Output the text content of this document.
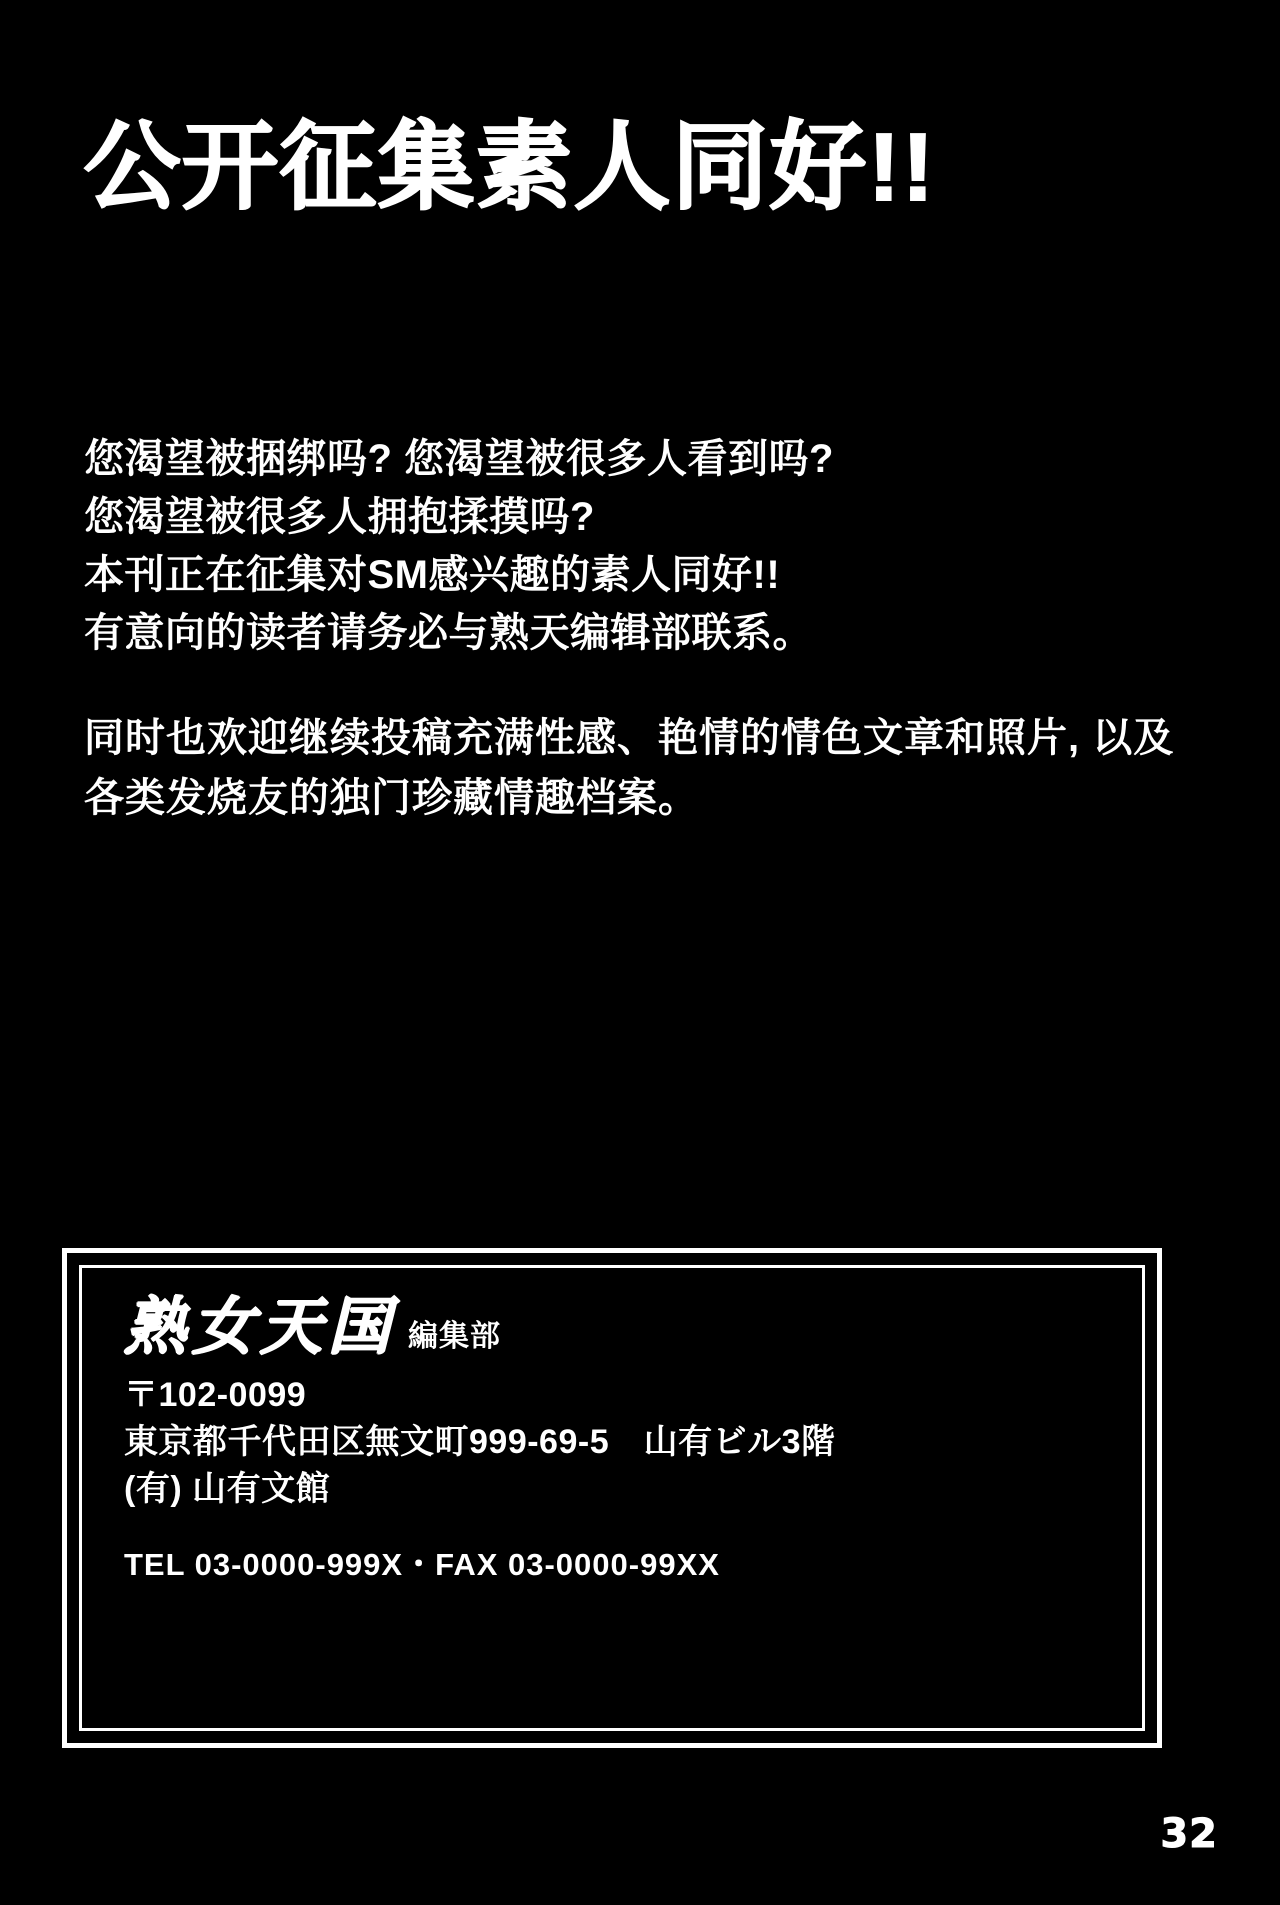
公开征集素人同好!!

您渴望被捆绑吗? 您渴望被很多人看到吗?
您渴望被很多人拥抱揉摸吗?
本刊正在征集对SM感兴趣的素人同好!!
有意向的读者请务必与熟天编辑部联系。

同时也欢迎继续投稿充满性感、艳情的情色文章和照片, 以及各类发烧友的独门珍藏情趣档案。

熟女天国 編集部
〒102-0099
東京都千代田区無文町999-69-5　山有ビル3階
(有) 山有文館
TEL 03-0000-999X・FAX 03-0000-99XX
32
